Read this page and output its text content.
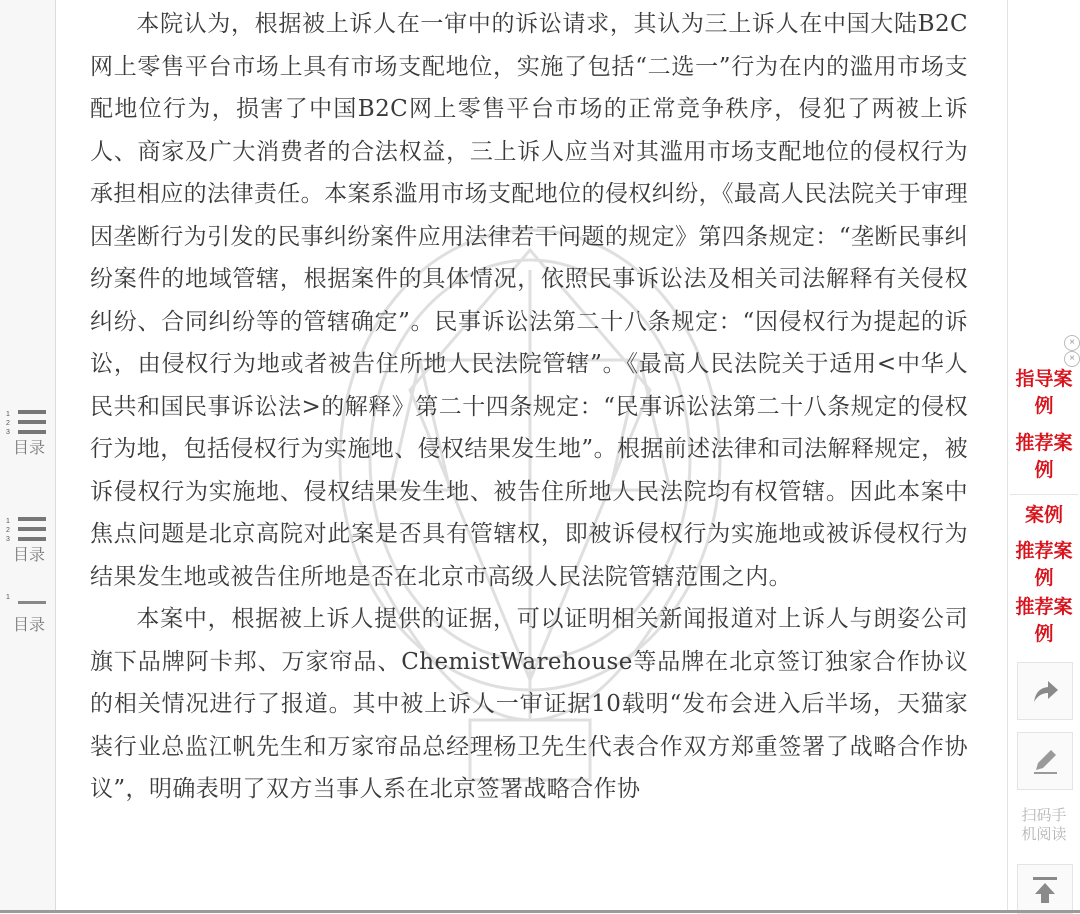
1
2
3
目录
1
2
3
目录
1
目录

本院认为，根据被上诉人在一审中的诉讼请求，其认为三上诉人在中国大陆B2C网上零售平台市场上具有市场支配地位，实施了包括“二选一”行为在内的滥用市场支配地位行为，损害了中国B2C网上零售平台市场的正常竞争秩序，侵犯了两被上诉人、商家及广大消费者的合法权益，三上诉人应当对其滥用市场支配地位的侵权行为承担相应的法律责任。本案系滥用市场支配地位的侵权纠纷，《最高人民法院关于审理因垄断行为引发的民事纠纷案件应用法律若干问题的规定》第四条规定：“垄断民事纠纷案件的地域管辖，根据案件的具体情况，依照民事诉讼法及相关司法解释有关侵权纠纷、合同纠纷等的管辖确定”。民事诉讼法第二十八条规定：“因侵权行为提起的诉讼，由侵权行为地或者被告住所地人民法院管辖”。《最高人民法院关于适用<中华人民共和国民事诉讼法>的解释》第二十四条规定：“民事诉讼法第二十八条规定的侵权行为地，包括侵权行为实施地、侵权结果发生地”。根据前述法律和司法解释规定，被诉侵权行为实施地、侵权结果发生地、被告住所地人民法院均有权管辖。因此本案中焦点问题是北京高院对此案是否具有管辖权，即被诉侵权行为实施地或被诉侵权行为结果发生地或被告住所地是否在北京市高级人民法院管辖范围之内。

本案中，根据被上诉人提供的证据，可以证明相关新闻报道对上诉人与朗姿公司旗下品牌阿卡邦、万家帘品、ChemistWarehouse等品牌在北京签订独家合作协议的相关情况进行了报道。其中被上诉人一审证据10载明“发布会进入后半场，天猫家装行业总监江帆先生和万家帘品总经理杨卫先生代表合作双方郑重签署了战略合作协议”，明确表明了双方当事人系在北京签署战略合作协

×
×
指导案例
推荐案例
案例
推荐案例
推荐案例
扫码手机阅读
